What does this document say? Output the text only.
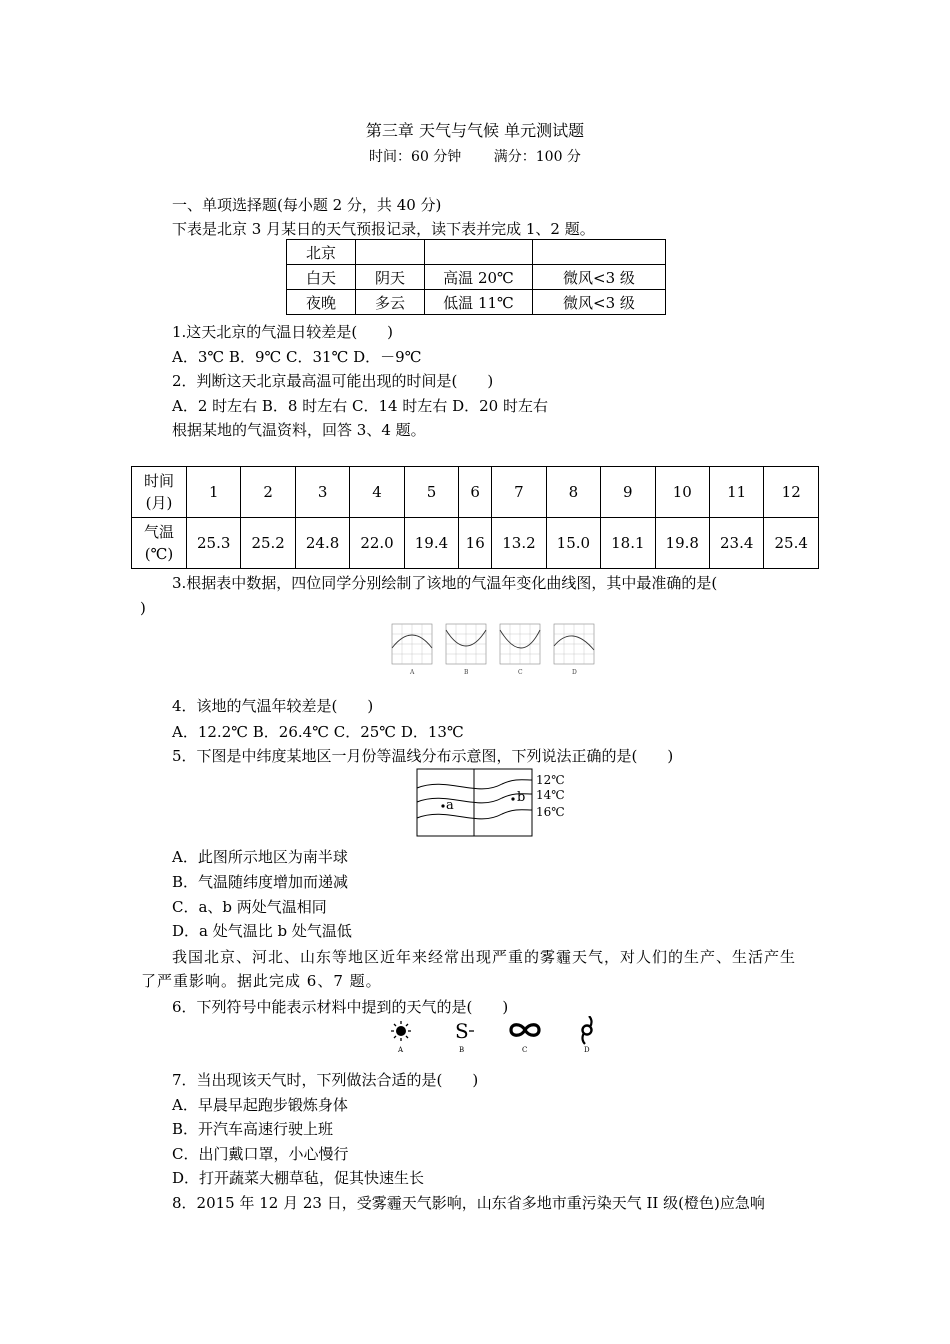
第三章 天气与气候 单元测试题
时间：60 分钟 满分：100 分
一、单项选择题(每小题 2 分，共 40 分)
下表是北京 3 月某日的天气预报记录，读下表并完成 1、2 题。
北京			
白天	阴天	高温 20℃	微风<3 级
夜晚	多云	低温 11℃	微风<3 级
1.这天北京的气温日较差是(　　)
A．3℃ B．9℃ C．31℃ D．－9℃
2．判断这天北京最高温可能出现的时间是(　　)
A．2 时左右 B．8 时左右 C．14 时左右 D．20 时左右
根据某地的气温资料，回答 3、4 题。
时间
(月)	1	2	3	4	5	6	7	8	9	10	11	12

气温
(℃)	25.3	25.2	24.8	22.0	19.4	16	13.2	15.0	18.1	19.8	23.4	25.4
3.根据表中数据，四位同学分别绘制了该地的气温年变化曲线图，其中最准确的是(
)
A	B	C	D
4．该地的气温年较差是(　　)
A．12.2℃ B．26.4℃ C．25℃ D．13℃
5．下图是中纬度某地区一月份等温线分布示意图，下列说法正确的是(　　)
a
b
12℃
14℃
16℃
A．此图所示地区为南半球
B．气温随纬度增加而递减
C．a、b 两处气温相同
D．a 处气温比 b 处气温低
我国北京、河北、山东等地区近年来经常出现严重的雾霾天气，对人们的生产、生活产生了严重影响。据此完成 6、7 题。
6．下列符号中能表示材料中提到的天气的是(　　)
A
S
B	C	D
7．当出现该天气时，下列做法合适的是(　　)
A．早晨早起跑步锻炼身体
B．开汽车高速行驶上班
C．出门戴口罩，小心慢行
D．打开蔬菜大棚草毡，促其快速生长
8．2015 年 12 月 23 日，受雾霾天气影响，山东省多地市重污染天气 II 级(橙色)应急响
